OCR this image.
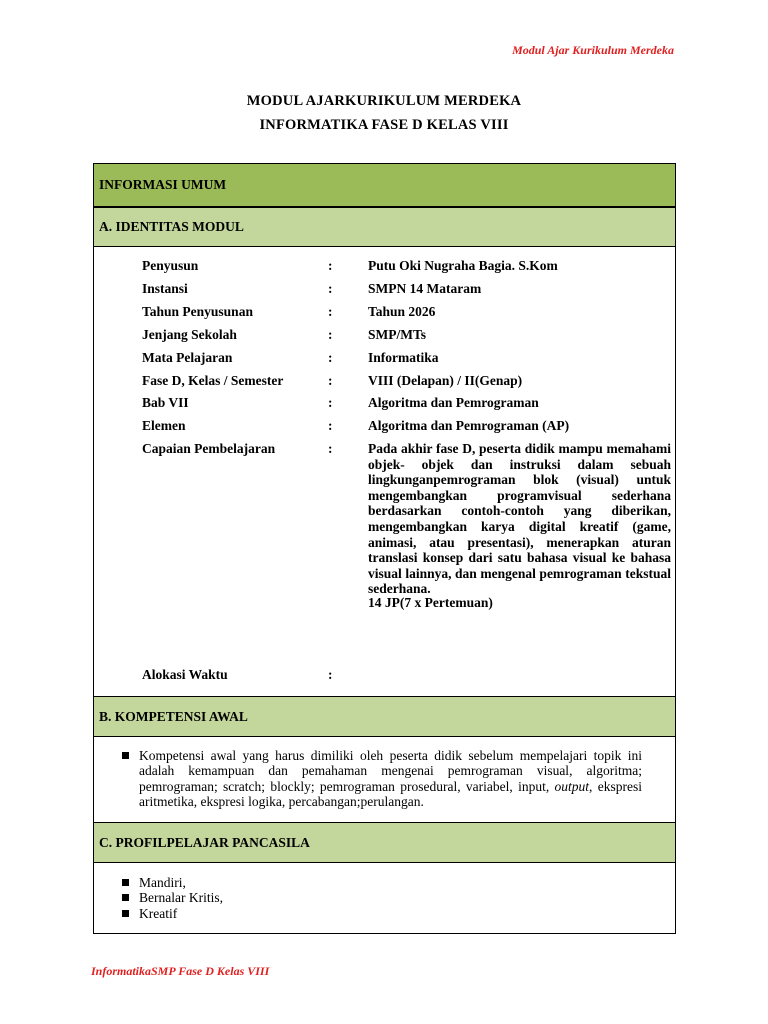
Modul Ajar Kurikulum Merdeka
MODUL AJARKURIKULUM MERDEKA
INFORMATIKA FASE D KELAS VIII
INFORMASI UMUM
A. IDENTITAS MODUL
Penyusun	:	Putu Oki Nugraha Bagia. S.Kom
Instansi	:	SMPN 14 Mataram
Tahun Penyusunan	:	Tahun 2026
Jenjang Sekolah	:	SMP/MTs
Mata Pelajaran	:	Informatika
Fase D, Kelas / Semester	:	VIII (Delapan) / II(Genap)
Bab VII	:	Algoritma dan Pemrograman
Elemen	:	Algoritma dan Pemrograman (AP)
Capaian Pembelajaran	:	Pada akhir fase D, peserta didik mampu memahami objek- objek dan instruksi dalam sebuah lingkunganpemrograman blok (visual) untuk mengembangkan programvisual sederhana berdasarkan contoh-contoh yang diberikan, mengembangkan karya digital kreatif (game, animasi, atau presentasi), menerapkan aturan translasi konsep dari satu bahasa visual ke bahasa visual lainnya, dan mengenal pemrograman tekstual sederhana.
14 JP(7 x Pertemuan)
Alokasi Waktu	:
B. KOMPETENSI AWAL
Kompetensi awal yang harus dimiliki oleh peserta didik sebelum mempelajari topik ini adalah kemampuan dan pemahaman mengenai pemrograman visual, algoritma; pemrograman; scratch; blockly; pemrograman prosedural, variabel, input, output, ekspresi aritmetika, ekspresi logika, percabangan;perulangan.
C. PROFILPELAJAR PANCASILA
Mandiri,
Bernalar Kritis,
Kreatif
InformatikaSMP Fase D Kelas VIII
